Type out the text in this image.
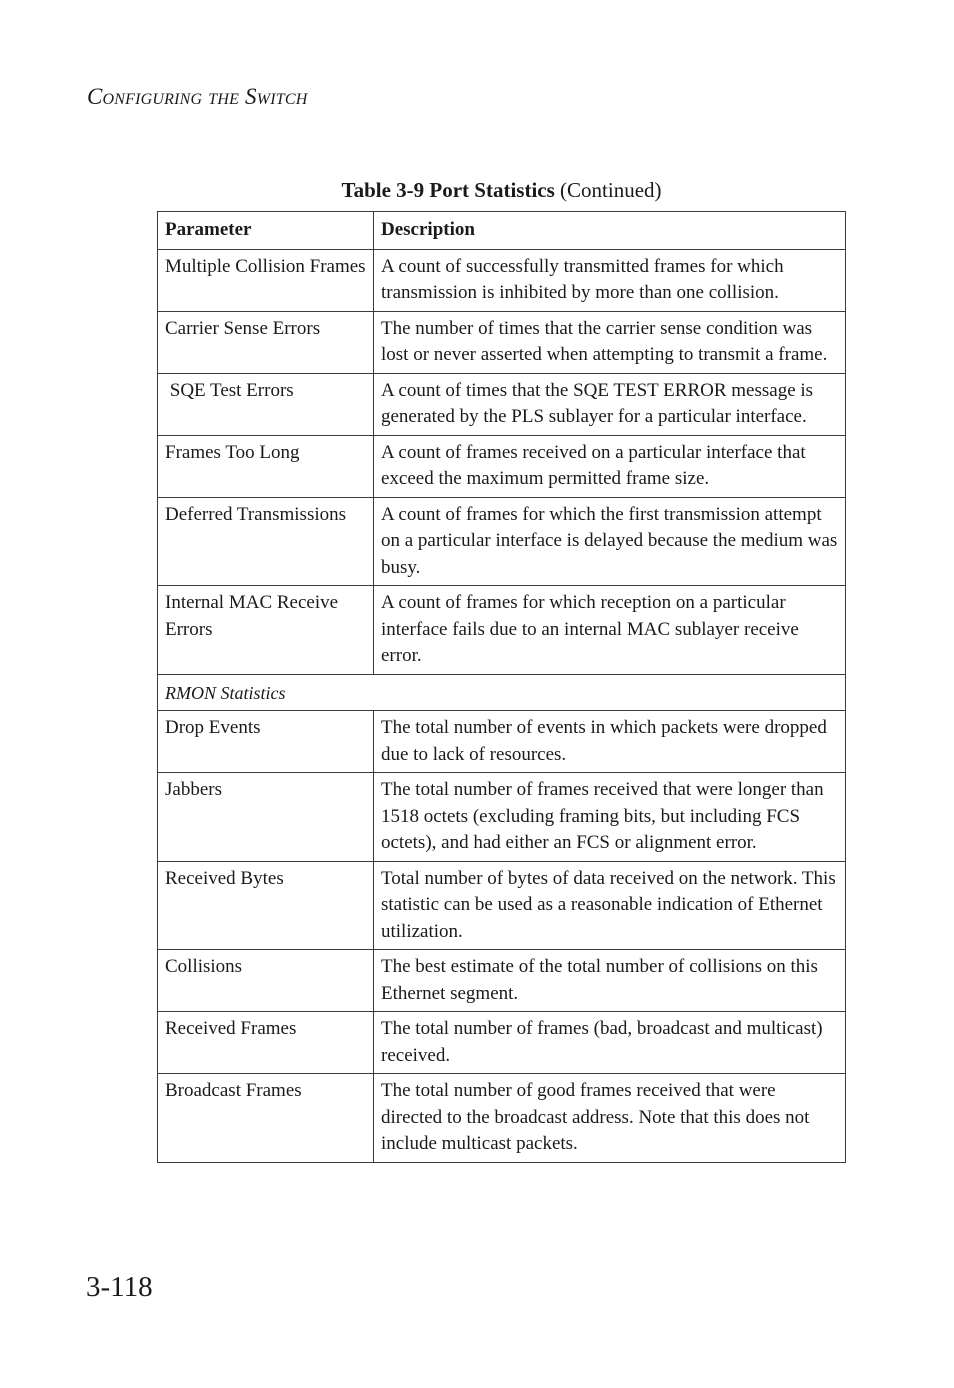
Configuring the Switch
Table 3-9 Port Statistics (Continued)
Parameter	Description
Multiple Collision Frames	A count of successfully transmitted frames for which transmission is inhibited by more than one collision.
Carrier Sense Errors	The number of times that the carrier sense condition was lost or never asserted when attempting to transmit a frame.
SQE Test Errors	A count of times that the SQE TEST ERROR message is generated by the PLS sublayer for a particular interface.
Frames Too Long	A count of frames received on a particular interface that exceed the maximum permitted frame size.
Deferred Transmissions	A count of frames for which the first transmission attempt on a particular interface is delayed because the medium was busy.
Internal MAC Receive Errors	A count of frames for which reception on a particular interface fails due to an internal MAC sublayer receive error.
RMON Statistics	
Drop Events	The total number of events in which packets were dropped due to lack of resources.
Jabbers	The total number of frames received that were longer than 1518 octets (excluding framing bits, but including FCS octets), and had either an FCS or alignment error.
Received Bytes	Total number of bytes of data received on the network. This statistic can be used as a reasonable indication of Ethernet utilization.
Collisions	The best estimate of the total number of collisions on this Ethernet segment.
Received Frames	The total number of frames (bad, broadcast and multicast) received.
Broadcast Frames	The total number of good frames received that were directed to the broadcast address. Note that this does not include multicast packets.
3-118
